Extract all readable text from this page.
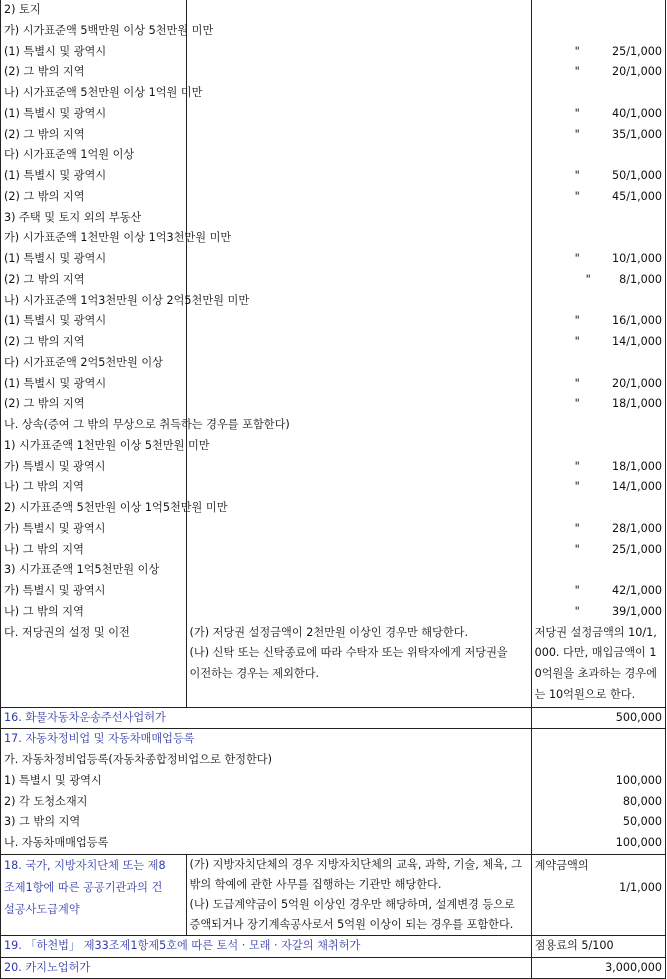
2) 토지		
가) 시가표준액 5백만원 이상 5천만원 미만		
(1) 특별시 및 광역시		" 25/1,000

(2) 그 밖의 지역		" 20/1,000

나) 시가표준액 5천만원 이상 1억원 미만		
(1) 특별시 및 광역시		" 40/1,000

(2) 그 밖의 지역		" 35/1,000

다) 시가표준액 1억원 이상		
(1) 특별시 및 광역시		" 50/1,000

(2) 그 밖의 지역		" 45/1,000

3) 주택 및 토지 외의 부동산		
가) 시가표준액 1천만원 이상 1억3천만원 미만		
(1) 특별시 및 광역시		" 10/1,000

(2) 그 밖의 지역		" 8/1,000

나) 시가표준액 1억3천만원 이상 2억5천만원 미만		
(1) 특별시 및 광역시		" 16/1,000

(2) 그 밖의 지역		" 14/1,000

다) 시가표준액 2억5천만원 이상		
(1) 특별시 및 광역시		" 20/1,000

(2) 그 밖의 지역		" 18/1,000

나. 상속(증여 그 밖의 무상으로 취득하는 경우를 포함한다)		
1) 시가표준액 1천만원 이상 5천만원 미만		
가) 특별시 및 광역시		" 18/1,000

나) 그 밖의 지역		" 14/1,000

2) 시가표준액 5천만원 이상 1억5천만원 미만		
가) 특별시 및 광역시		" 28/1,000

나) 그 밖의 지역		" 25/1,000

3) 시가표준액 1억5천만원 이상		
가) 특별시 및 광역시		" 42/1,000

나) 그 밖의 지역		" 39/1,000

다. 저당권의 설정 및 이전	(가) 저당권 설정금액이 2천만원 이상인 경우만 해당한다.
(나) 신탁 또는 신탁종료에 따라 수탁자 또는 위탁자에게 저당권을
이전하는 경우는 제외한다.	저당권 설정금액의 10/1,
000. 다만, 매입금액이 1
0억원을 초과하는 경우에
는 10억원으로 한다.

16. 화물자동차운송주선사업허가		500,000
17. 자동차정비업 및 자동차매매업등록		
가. 자동차정비업등록(자동차종합정비업으로 한정한다)		
1) 특별시 및 광역시		100,000
2) 각 도청소재지		80,000
3) 그 밖의 지역		50,000
나. 자동차매매업등록		100,000

18. 국가, 지방자치단체 또는 제8
조제1항에 따른 공공기관과의 건
설공사도급계약	(가) 지방자치단체의 경우 지방자치단체의 교육, 과학, 기술, 체육, 그
밖의 학예에 관한 사무를 집행하는 기관만 해당한다.
(나) 도급계약금이 5억원 이상인 경우만 해당하며, 설계변경 등으로
증액되거나 장기계속공사로서 5억원 이상이 되는 경우를 포함한다.	계약금액의
1/1,000

19. 「하천법」 제33조제1항제5호에 따른 토석 · 모래 · 자갈의 채취허가		점용료의 5/100
20. 카지노업허가		3,000,000
